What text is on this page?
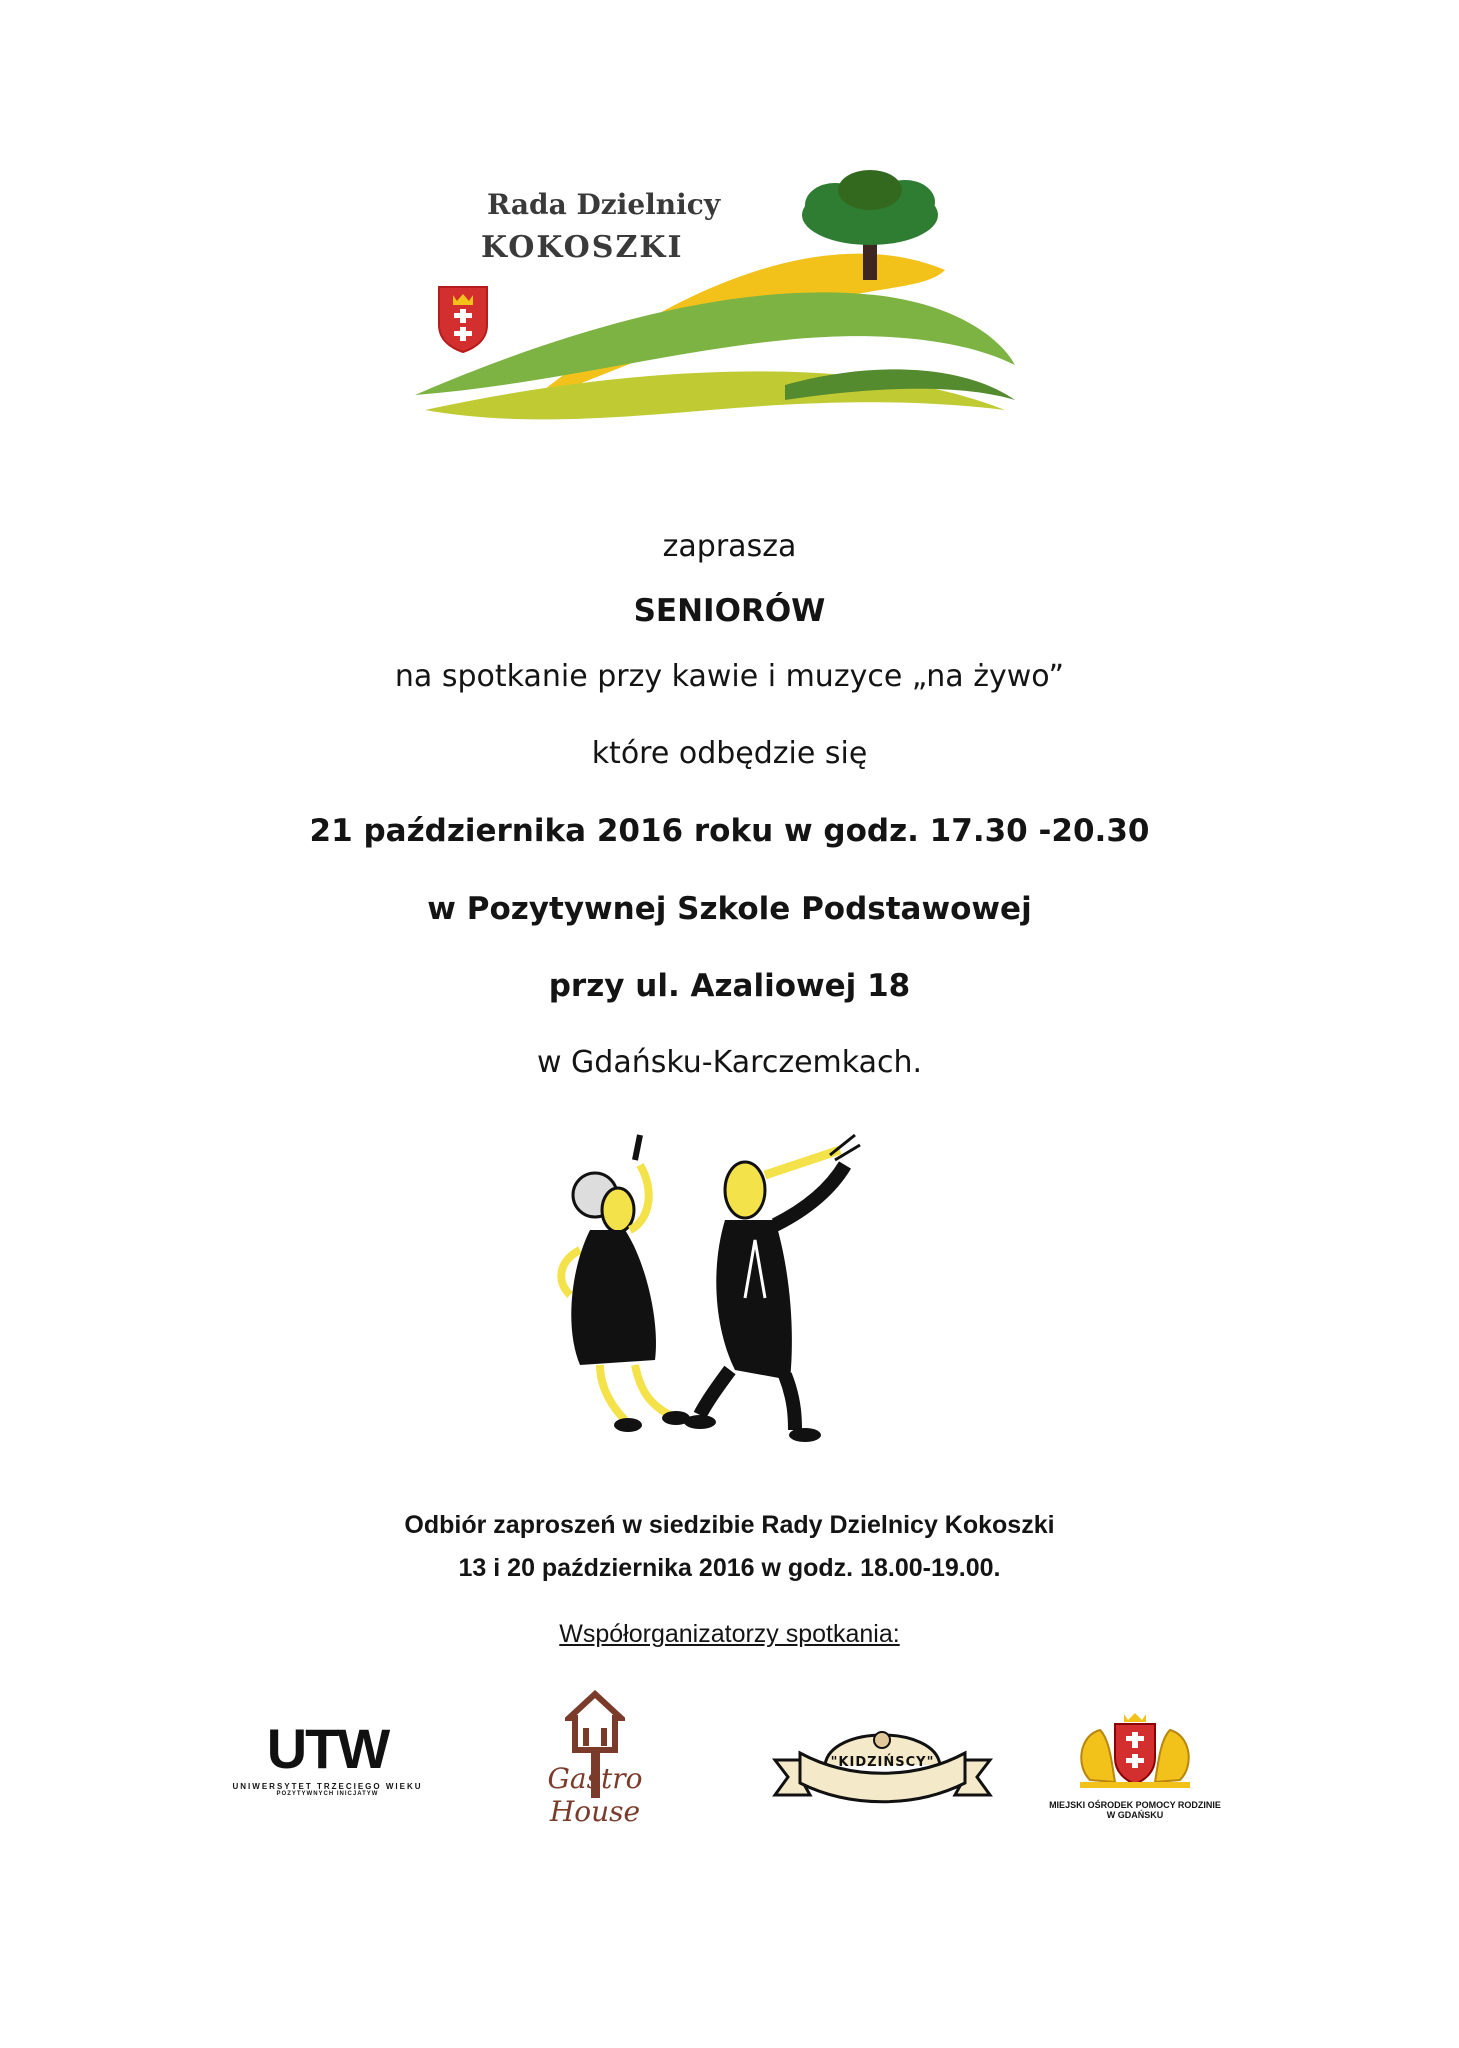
Rada Dzielnicy
KOKOSZKI
zaprasza
SENIORÓW
na spotkanie przy kawie i muzyce „na żywo”
które odbędzie się
21 października 2016 roku w godz. 17.30 -20.30
w Pozytywnej Szkole Podstawowej
przy ul. Azaliowej 18
w Gdańsku-Karczemkach.
Odbiór zaproszeń w siedzibie Rady Dzielnicy Kokoszki
13 i 20 października 2016 w godz. 18.00-19.00.
Współorganizatorzy spotkania:
UTW
UNIWERSYTET TRZECIEGO WIEKU
POZYTYWNYCH INICJATYW	Gastro House
"KIDZIŃSCY"
MIEJSKI OŚRODEK POMOCY RODZINIE
W GDAŃSKU
